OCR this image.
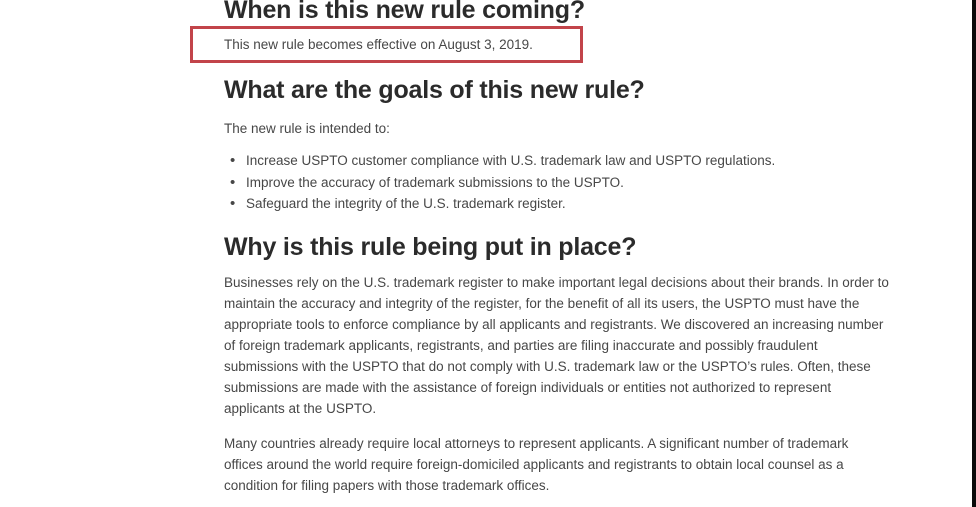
When is this new rule coming?
This new rule becomes effective on August 3, 2019.
What are the goals of this new rule?

The new rule is intended to:

• Increase USPTO customer compliance with U.S. trademark law and USPTO regulations.
• Improve the accuracy of trademark submissions to the USPTO.
• Safeguard the integrity of the U.S. trademark register.
Why is this rule being put in place?
Businesses rely on the U.S. trademark register to make important legal decisions about their brands. In order to
maintain the accuracy and integrity of the register, for the benefit of all its users, the USPTO must have the
appropriate tools to enforce compliance by all applicants and registrants. We discovered an increasing number
of foreign trademark applicants, registrants, and parties are filing inaccurate and possibly fraudulent
submissions with the USPTO that do not comply with U.S. trademark law or the USPTO’s rules. Often, these
submissions are made with the assistance of foreign individuals or entities not authorized to represent
applicants at the USPTO.
Many countries already require local attorneys to represent applicants. A significant number of trademark
offices around the world require foreign-domiciled applicants and registrants to obtain local counsel as a
condition for filing papers with those trademark offices.
